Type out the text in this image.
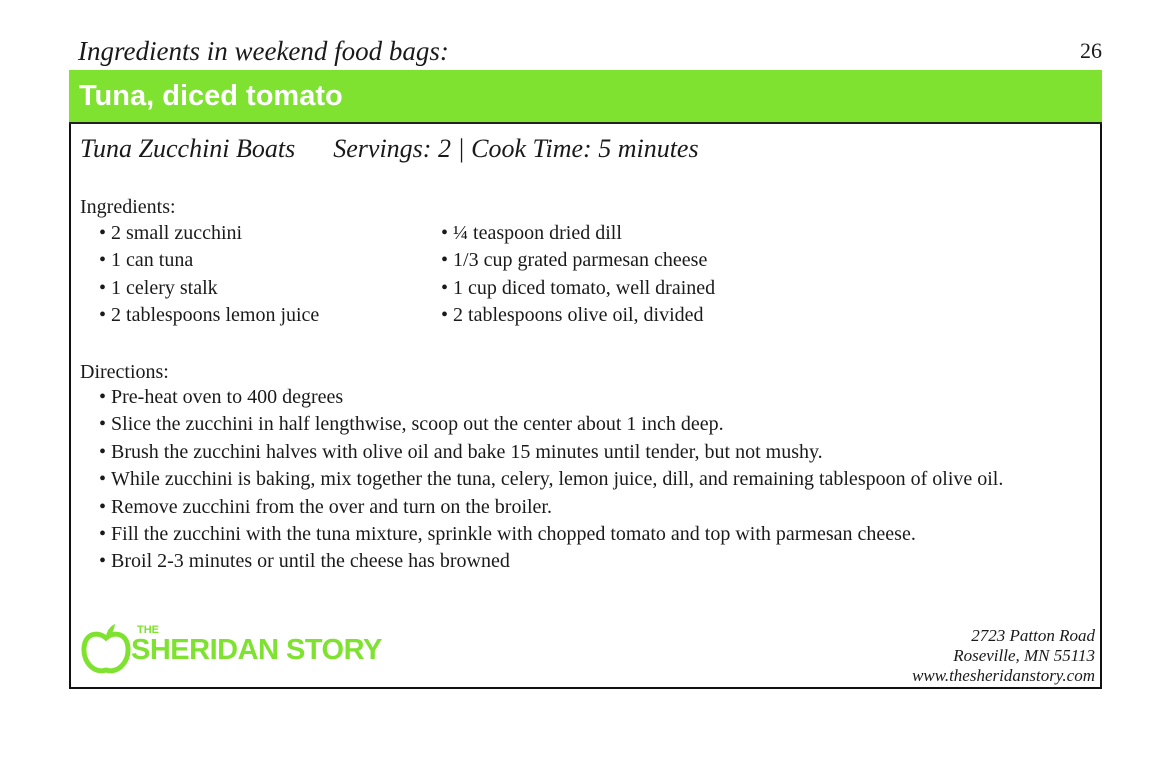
Ingredients in weekend food bags:	26
Tuna, diced tomato
Tuna Zucchini Boats Servings: 2 | Cook Time: 5 minutes
Ingredients:
• 2 small zucchini
• 1 can tuna
• 1 celery stalk
• 2 tablespoons lemon juice
• ¼ teaspoon dried dill
• 1/3 cup grated parmesan cheese
• 1 cup diced tomato, well drained
• 2 tablespoons olive oil, divided
Directions:
• Pre-heat oven to 400 degrees
• Slice the zucchini in half lengthwise, scoop out the center about 1 inch deep.
• Brush the zucchini halves with olive oil and bake 15 minutes until tender, but not mushy.
• While zucchini is baking, mix together the tuna, celery, lemon juice, dill, and remaining tablespoon of olive oil.
• Remove zucchini from the over and turn on the broiler.
• Fill the zucchini with the tuna mixture, sprinkle with chopped tomato and top with parmesan cheese.
• Broil 2-3 minutes or until the cheese has browned
THE
SHERIDAN STORY	2723 Patton Road
Roseville, MN 55113
www.thesheridanstory.com
